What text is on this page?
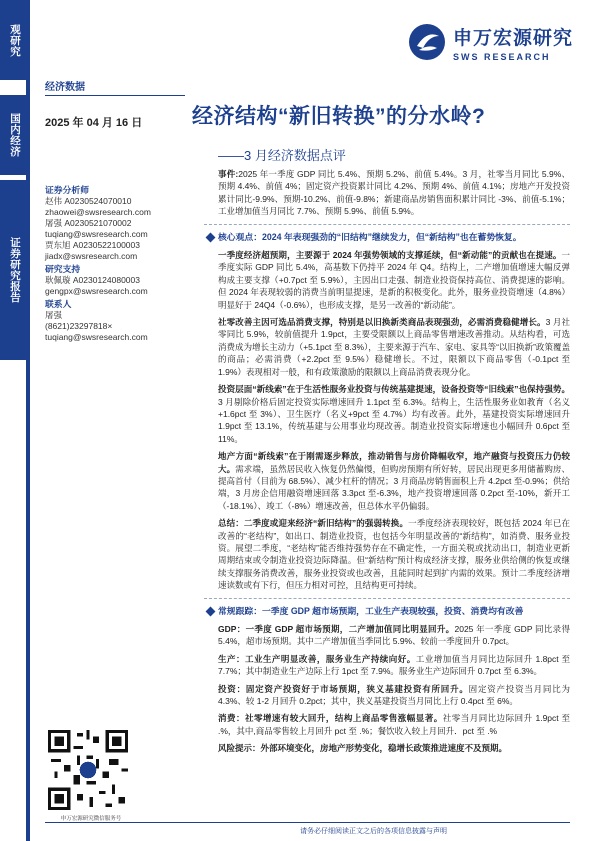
观研究
国内经济
证券研究报告
申万宏源研究
SWS RESEARCH
经济数据
2025 年 04 月 16 日	经济结构“新旧转换”的分水岭?
——3 月经济数据点评
证券分析师
赵伟 A0230524070010
zhaowei@swsresearch.com
屠强 A0230521070002
tuqiang@swsresearch.com
贾东旭 A0230522100003
jiadx@swsresearch.com
研究支持
耿佩璇 A0230124080003
gengpx@swsresearch.com
联系人
屠强
(8621)23297818×
tuqiang@swsresearch.com
申万宏源研究微信服务号

事件:2025 年一季度 GDP 同比 5.4%、预期 5.2%、前值 5.4%。3 月，社零当月同比 5.9%、预期 4.4%、前值 4%；固定资产投资累计同比 4.2%、预期 4%、前值 4.1%；房地产开发投资累计同比-9.9%、预期-10.2%、前值-9.8%；新建商品房销售面积累计同比 -3%、前值-5.1%；工业增加值当月同比 7.7%、预期 5.9%、前值 5.9%。

核心观点：2024 年表现强劲的“旧结构”继续发力，但“新结构”也在蓄势恢复。

一季度经济超预期，主要源于 2024 年强势领域的支撑延续，但“新动能”的贡献也在提速。一季度实际 GDP 同比 5.4%，高基数下仍持平 2024 年 Q4。结构上，二产增加值增速大幅反弹构成主要支撑（+0.7pct 至 5.9%），主因出口走强、制造业投资保持高位、消费提速的影响。但 2024 年表现较弱的消费当前明显提速，是新的积极变化。此外，服务业投资增速（4.8%）明显好于 24Q4（-0.6%），也形成支撑，是另一改善的“新动能”。

社零改善主因可选品消费支撑，特别是以旧换新类商品表现强劲，必需消费稳健增长。3 月社零同比 5.9%，较前值提升 1.9pct，主要受限额以上商品零售增速改善推动。从结构看，可选消费成为增长主动力（+5.1pct 至 8.3%），主要来源于汽车、家电、家具等“以旧换新”政策覆盖的商品；必需消费（+2.2pct 至 9.5%）稳健增长。不过，限额以下商品零售（-0.1pct 至 1.9%）表现相对一般，和有政策激励的限额以上商品消费表现分化。

投资层面“新线索”在于生活性服务业投资与传统基建提速，设备投资等“旧线索”也保持强势。3 月剔除价格后固定投资实际增速回升 1.1pct 至 6.3%。结构上，生活性服务业如教育（名义+1.6pct 至 3%）、卫生医疗（名义+9pct 至 4.7%）均有改善。此外，基建投资实际增速回升 1.9pct 至 13.1%，传统基建与公用事业均现改善。制造业投资实际增速也小幅回升 0.6pct 至 11%。

地产方面“新线索”在于刚需逐步释放，推动销售与房价降幅收窄，地产融资与投资压力仍较大。需求端，虽然居民收入恢复仍然偏慢，但购房预期有所好转，居民出现更多用储蓄购房、提高首付（目前为 68.5%）、减少杠杆的情况；3 月商品房销售面积上升 4.2pct 至-0.9%；供给端，3 月房企信用融资增速回落 3.3pct 至-6.3%，地产投资增速回落 0.2pct 至-10%，新开工（-18.1%）、竣工（-8%）增速改善，但总体水平仍偏弱。

总结：二季度或迎来经济“新旧结构”的强弱转换。一季度经济表现较好，既包括 2024 年已在改善的“老结构”，如出口、制造业投资，也包括今年明显改善的“新结构”，如消费、服务业投资。展望二季度，“老结构”能否维持强势存在不确定性，一方面关税或扰动出口，制造业更新周期结束或令制造业投资边际降温。但“新结构”预计构成经济支撑，服务业供给侧的恢复或继续支撑服务消费改善，服务业投资或也改善，且能同时起到扩内需的效果。预计二季度经济增速读数或有下行，但压力相对可控，且结构更可持续。

常规跟踪：一季度 GDP 超市场预期，工业生产表现较强，投资、消费均有改善

GDP：一季度 GDP 超市场预期，二产增加值同比明显回升。2025 年一季度 GDP 同比录得 5.4%，超市场预期。其中二产增加值当季同比 5.9%、较前一季度回升 0.7pct。

生产：工业生产明显改善，服务业生产持续向好。工业增加值当月同比边际回升 1.8pct 至 7.7%；其中制造业生产边际上行 1pct 至 7.9%。服务业生产边际回升 0.7pct 至 6.3%。

投资：固定资产投资好于市场预期，狭义基建投资有所回升。固定资产投资当月同比为 4.3%、较 1-2 月回升 0.2pct；其中，狭义基建投资当月同比上行 0.4pct 至 6%。

消费：社零增速有较大回升，结构上商品零售涨幅显著。社零当月同比边际回升 1.9pct 至 .%，其中,商品零售较上月回升 pct 至 .%；餐饮收入较上月回升．pct 至 .%

风险提示：外部环境变化，房地产形势变化，稳增长政策推进速度不及预期。

请务必仔细阅读正文之后的各项信息披露与声明
